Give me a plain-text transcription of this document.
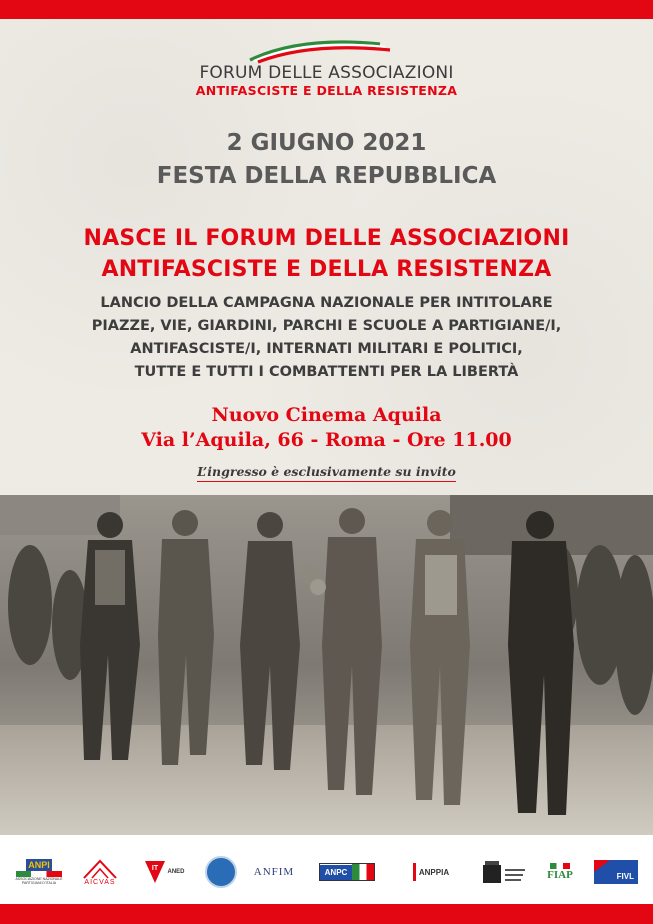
FORUM DELLE ASSOCIAZIONI
ANTIFASCISTE E DELLA RESISTENZA
2 GIUGNO 2021
FESTA DELLA REPUBBLICA
NASCE IL FORUM DELLE ASSOCIAZIONI
ANTIFASCISTE E DELLA RESISTENZA
LANCIO DELLA CAMPAGNA NAZIONALE PER INTITOLARE
PIAZZE, VIE, GIARDINI, PARCHI E SCUOLE A PARTIGIANE/I,
ANTIFASCISTE/I, INTERNATI MILITARI E POLITICI,
TUTTE E TUTTI I COMBATTENTI PER LA LIBERTÀ
Nuovo Cinema Aquila
Via l’Aquila, 66 - Roma - Ore 11.00
L’ingresso è esclusivamente su invito
ANPI
ASSOCIAZIONE NAZIONALE PARTIGIANI D'ITALIA	AICVAS
IT ANED	ANFIM	ANPC	ANPPIA	FIAP	FIVL
